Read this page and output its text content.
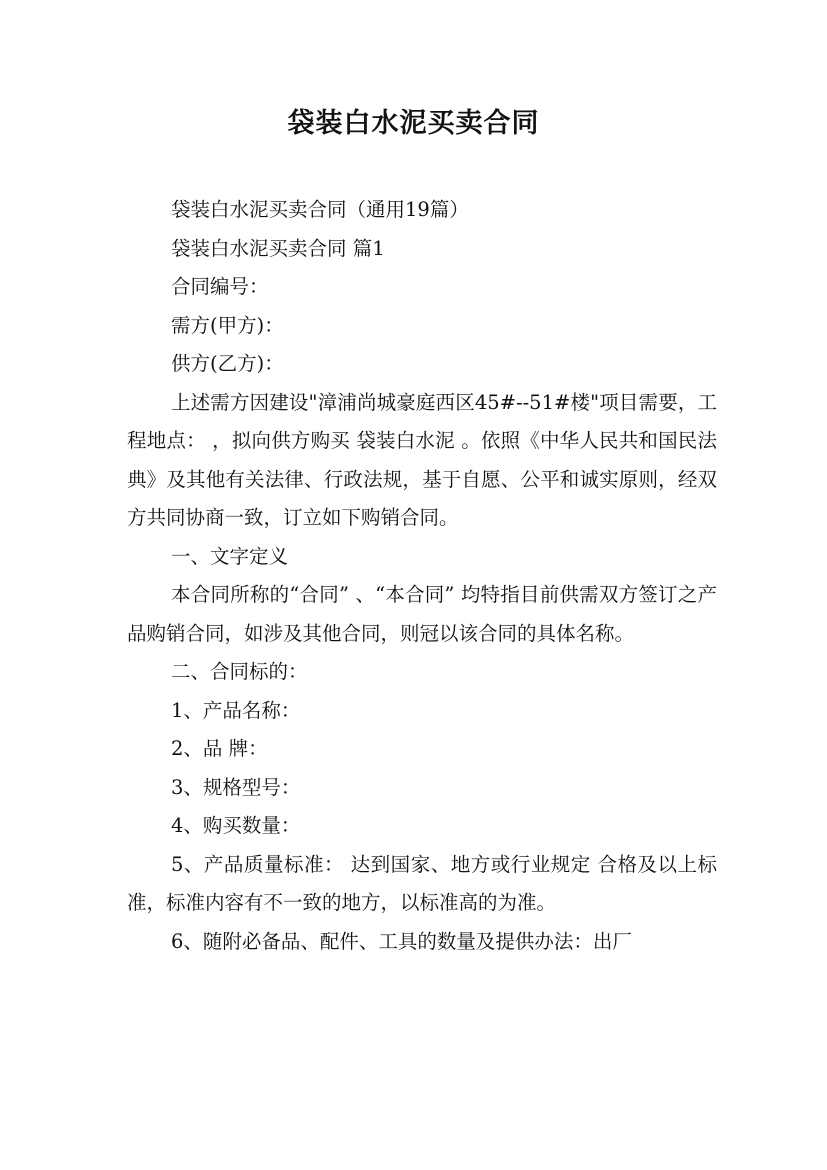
袋装白水泥买卖合同

袋装白水泥买卖合同（通用19篇）

袋装白水泥买卖合同 篇1

合同编号：

需方(甲方)：

供方(乙方)：

上述需方因建设"漳浦尚城豪庭西区45#--51#楼"项目需要，工程地点： ，拟向供方购买 袋装白水泥 。依照《中华人民共和国民法典》及其他有关法律、行政法规，基于自愿、公平和诚实原则，经双方共同协商一致，订立如下购销合同。

一、文字定义

本合同所称的“合同” 、“本合同” 均特指目前供需双方签订之产品购销合同，如涉及其他合同，则冠以该合同的具体名称。

二、合同标的：

1、产品名称：

2、品 牌：

3、规格型号：

4、购买数量：

5、产品质量标准： 达到国家、地方或行业规定 合格及以上标准，标准内容有不一致的地方，以标准高的为准。

6、随附必备品、配件、工具的数量及提供办法：出厂
